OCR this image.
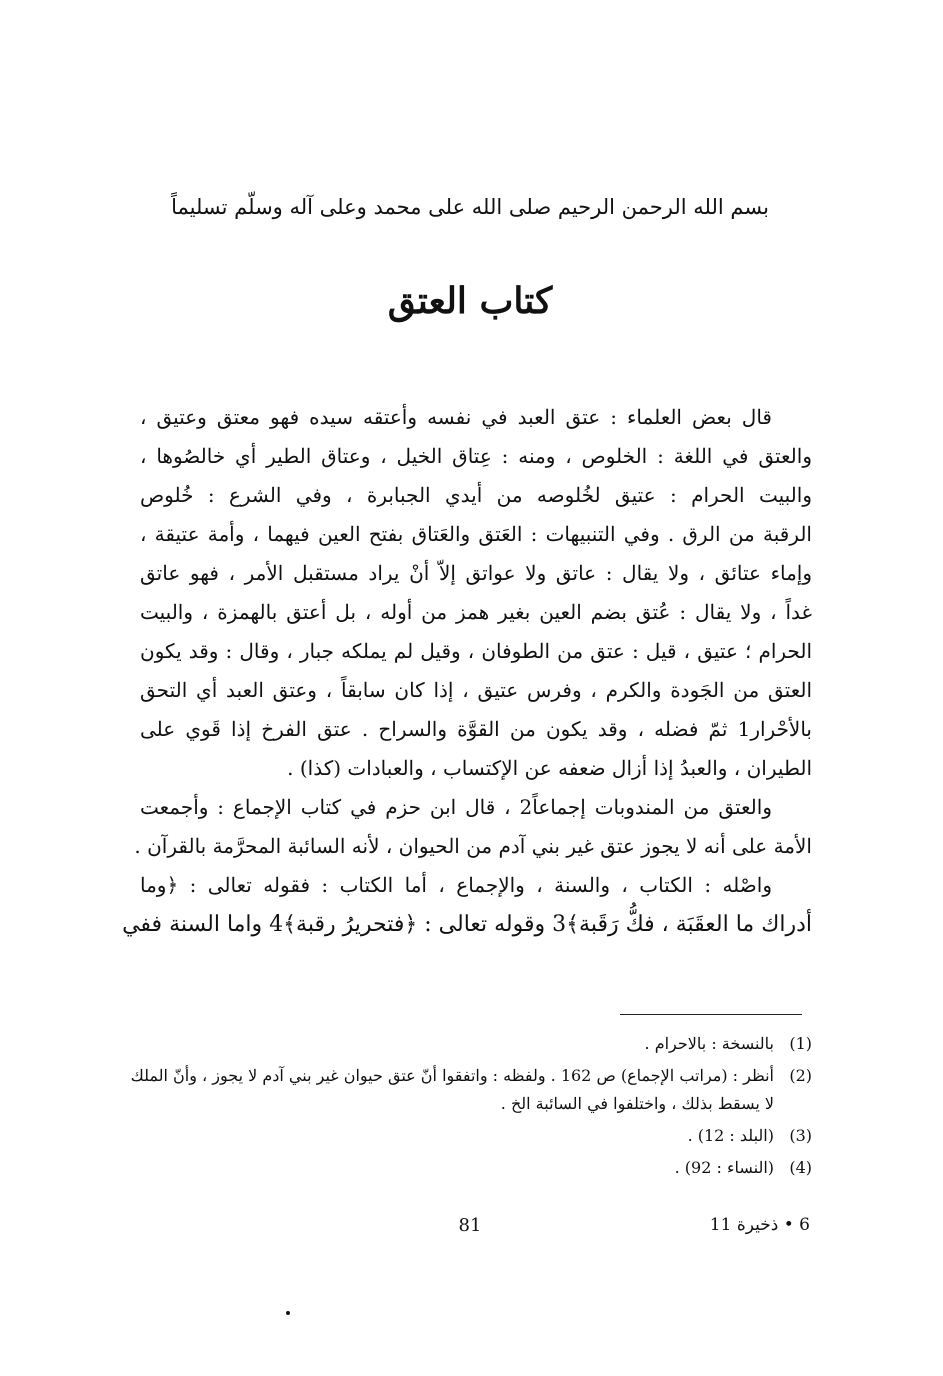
بسم الله الرحمن الرحيم صلى الله على محمد وعلى آله وسلّم تسليماً
كتاب العتق
قال بعض العلماء : عتق العبد في نفسه وأعتقه سيده فهو معتق وعتيق ،
والعتق في اللغة : الخلوص ، ومنه : عِتاق الخيل ، وعتاق الطير أي خالصُوها ،
والبيت الحرام : عتيق لخُلوصه من أيدي الجبابرة ، وفي الشرع : خُلوص
الرقبة من الرق . وفي التنبيهات : العَتق والعَتاق بفتح العين فيهما ، وأمة عتيقة ،
وإماء عتائق ، ولا يقال : عاتق ولا عواتق إلاّ أنْ يراد مستقبل الأمر ، فهو عاتق
غداً ، ولا يقال : عُتق بضم العين بغير همز من أوله ، بل أعتق بالهمزة ، والبيت
الحرام ؛ عتيق ، قيل : عتق من الطوفان ، وقيل لم يملكه جبار ، وقال : وقد يكون
العتق من الجَودة والكرم ، وفرس عتيق ، إذا كان سابقاً ، وعتق العبد أي التحق
بالأحْرار1 ثمّ فضله ، وقد يكون من القوَّة والسراح . عتق الفرخ إذا قَوي على
الطيران ، والعبدُ إذا أزال ضعفه عن الإكتساب ، والعبادات (كذا) .
والعتق من المندوبات إجماعاً2 ، قال ابن حزم في كتاب الإجماع : وأجمعت
الأمة على أنه لا يجوز عتق غير بني آدم من الحيوان ، لأنه السائبة المحرَّمة بالقرآن .
واصْله : الكتاب ، والسنة ، والإجماع ، أما الكتاب : فقوله تعالى : ﴿وما
أدراك ما العقَبَة ، فكُّ رَقَبة﴾3 وقوله تعالى : ﴿فتحريرُ رقبة﴾4 واما السنة ففي
(1)
بالنسخة : بالاحرام .
(2)
أنظر : (مراتب الإجماع) ص 162 . ولفظه : واتفقوا أنّ عتق حيوان غير بني آدم لا يجوز ، وأنّ الملك لا يسقط بذلك ، واختلفوا في السائبة الخ .
(3)
(البلد : 12) .
(4)
(النساء : 92) .
81	6 • ذخيرة 11
